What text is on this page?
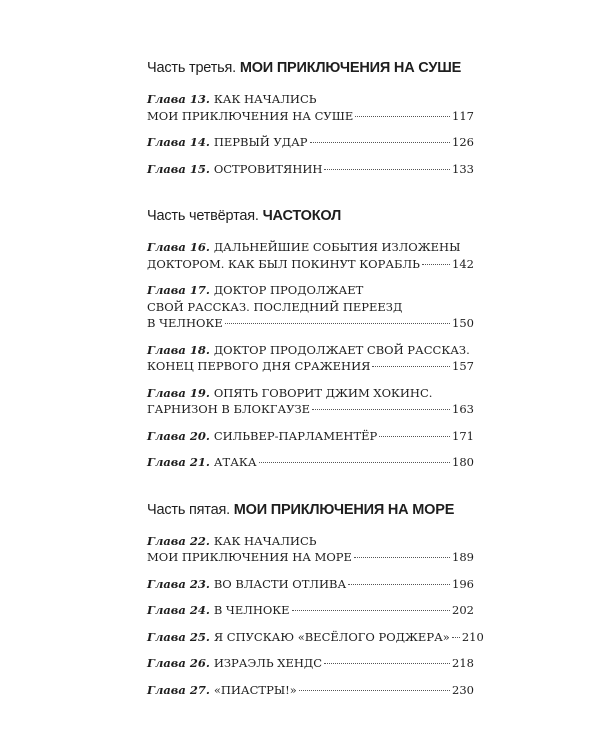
Часть третья. МОИ ПРИКЛЮЧЕНИЯ НА СУШЕ
Глава 13. КАК НАЧАЛИСЬ
МОИ ПРИКЛЮЧЕНИЯ НА СУШЕ	117
Глава 14. ПЕРВЫЙ УДАР	126
Глава 15. ОСТРОВИТЯНИН	133
Часть четвёртая. ЧАСТОКОЛ
Глава 16. ДАЛЬНЕЙШИЕ СОБЫТИЯ ИЗЛОЖЕНЫ
ДОКТОРОМ. КАК БЫЛ ПОКИНУТ КОРАБЛЬ	142
Глава 17. ДОКТОР ПРОДОЛЖАЕТ
СВОЙ РАССКАЗ. ПОСЛЕДНИЙ ПЕРЕЕЗД
В ЧЕЛНОКЕ	150
Глава 18. ДОКТОР ПРОДОЛЖАЕТ СВОЙ РАССКАЗ.
КОНЕЦ ПЕРВОГО ДНЯ СРАЖЕНИЯ	157
Глава 19. ОПЯТЬ ГОВОРИТ ДЖИМ ХОКИНС.
ГАРНИЗОН В БЛОКГАУЗЕ	163
Глава 20. СИЛЬВЕР-ПАРЛАМЕНТЁР	171
Глава 21. АТАКА	180
Часть пятая. МОИ ПРИКЛЮЧЕНИЯ НА МОРЕ
Глава 22. КАК НАЧАЛИСЬ
МОИ ПРИКЛЮЧЕНИЯ НА МОРЕ	189
Глава 23. ВО ВЛАСТИ ОТЛИВА	196
Глава 24. В ЧЕЛНОКЕ	202
Глава 25. Я СПУСКАЮ «ВЕСЁЛОГО РОДЖЕРА» 210
Глава 26. ИЗРАЭЛЬ ХЕНДС	218
Глава 27. «ПИАСТРЫ!»	230
